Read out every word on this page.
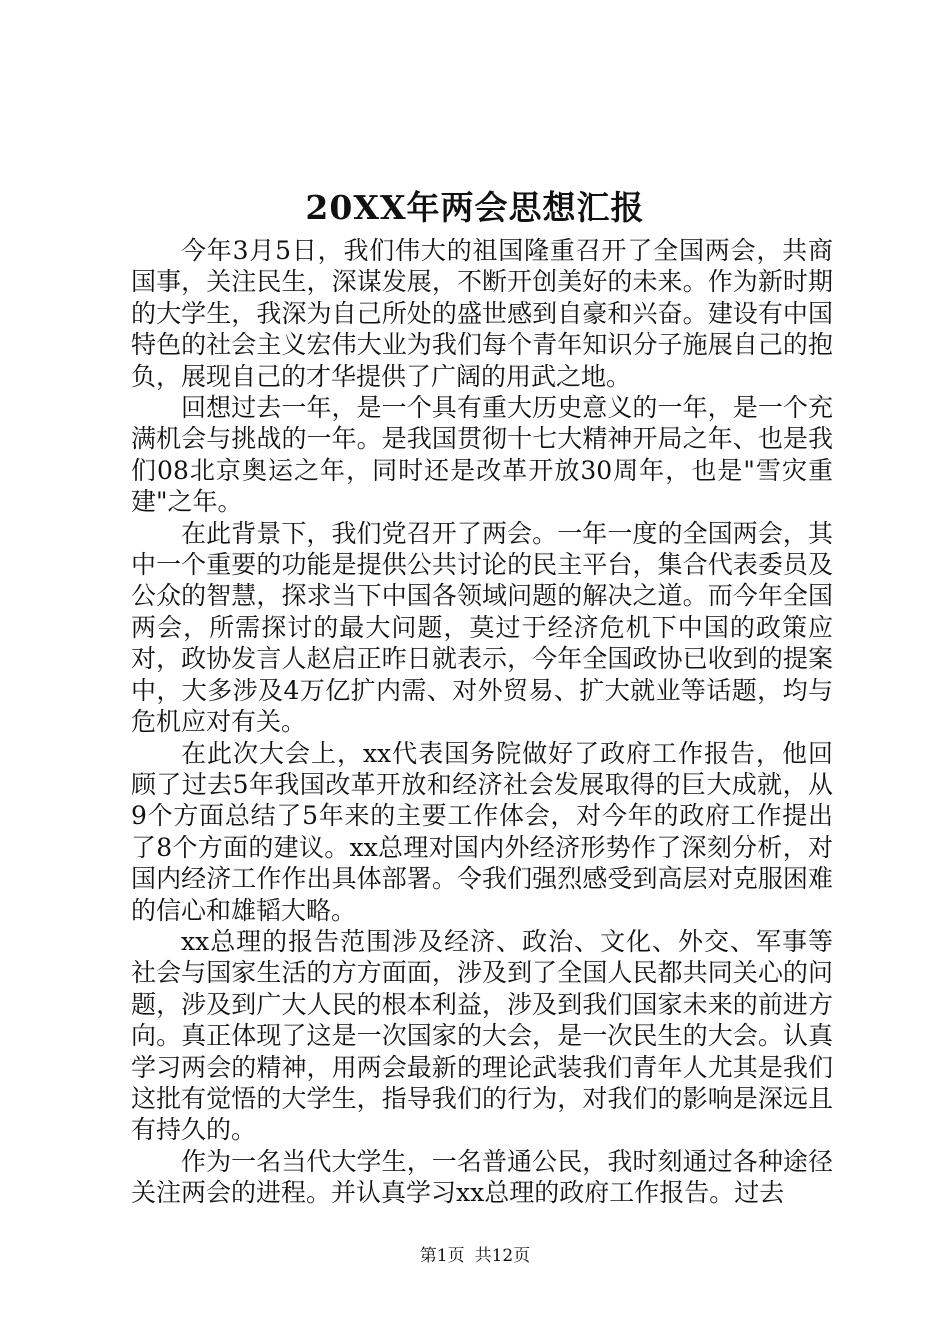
20XX年两会思想汇报

今年3月5日，我们伟大的祖国隆重召开了全国两会，共商国事，关注民生，深谋发展，不断开创美好的未来。作为新时期的大学生，我深为自己所处的盛世感到自豪和兴奋。建设有中国特色的社会主义宏伟大业为我们每个青年知识分子施展自己的抱负，展现自己的才华提供了广阔的用武之地。

回想过去一年，是一个具有重大历史意义的一年，是一个充满机会与挑战的一年。是我国贯彻十七大精神开局之年、也是我们08北京奥运之年，同时还是改革开放30周年，也是"雪灾重建"之年。

在此背景下，我们党召开了两会。一年一度的全国两会，其中一个重要的功能是提供公共讨论的民主平台，集合代表委员及公众的智慧，探求当下中国各领域问题的解决之道。而今年全国两会，所需探讨的最大问题，莫过于经济危机下中国的政策应对，政协发言人赵启正昨日就表示，今年全国政协已收到的提案中，大多涉及4万亿扩内需、对外贸易、扩大就业等话题，均与危机应对有关。

在此次大会上，xx代表国务院做好了政府工作报告，他回顾了过去5年我国改革开放和经济社会发展取得的巨大成就，从9个方面总结了5年来的主要工作体会，对今年的政府工作提出了8个方面的建议。xx总理对国内外经济形势作了深刻分析，对国内经济工作作出具体部署。令我们强烈感受到高层对克服困难的信心和雄韬大略。

xx总理的报告范围涉及经济、政治、文化、外交、军事等社会与国家生活的方方面面，涉及到了全国人民都共同关心的问题，涉及到广大人民的根本利益，涉及到我们国家未来的前进方向。真正体现了这是一次国家的大会，是一次民生的大会。认真学习两会的精神，用两会最新的理论武装我们青年人尤其是我们这批有觉悟的大学生，指导我们的行为，对我们的影响是深远且有持久的。

作为一名当代大学生，一名普通公民，我时刻通过各种途径关注两会的进程。并认真学习xx总理的政府工作报告。过去

第1页 共12页
